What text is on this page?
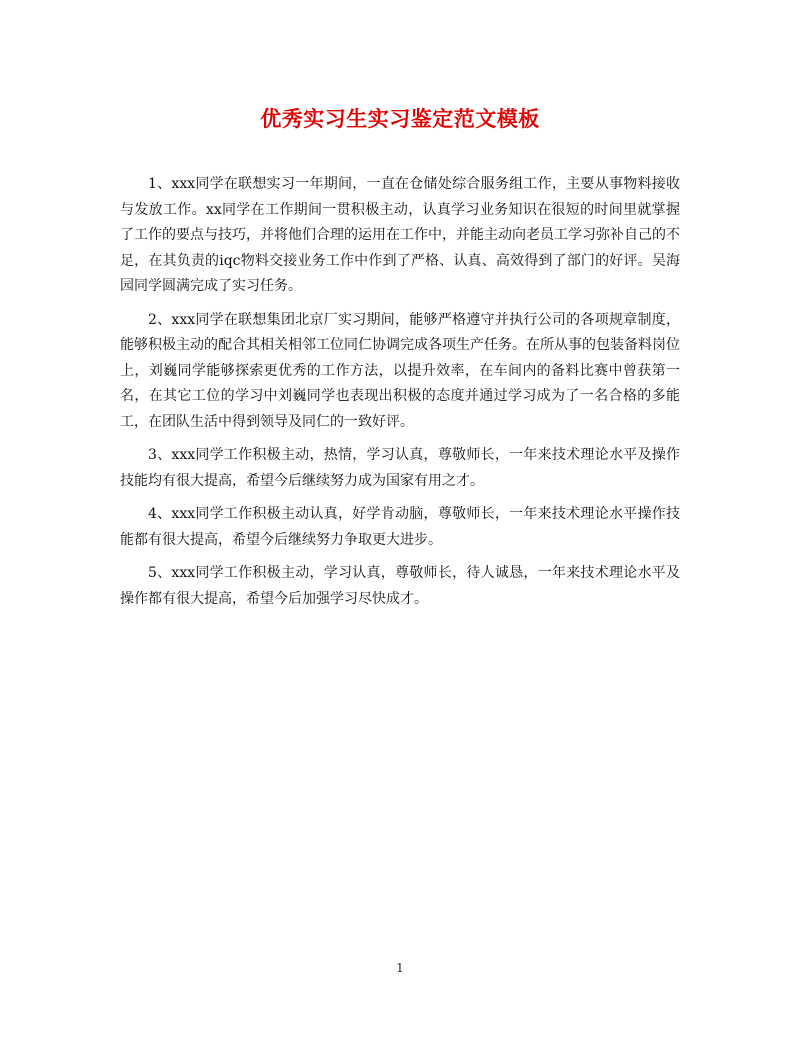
优秀实习生实习鉴定范文模板

1、xxx同学在联想实习一年期间，一直在仓储处综合服务组工作，主要从事物料接收与发放工作。xx同学在工作期间一贯积极主动，认真学习业务知识在很短的时间里就掌握　了工作的要点与技巧，并将他们合理的运用在工作中，并能主动向老员工学习弥补自己的不足，在其负责的iqc物料交接业务工作中作到了严格、认真、高效得到了部门的好评。吴海园同学圆满完成了实习任务。

2、xxx同学在联想集团北京厂实习期间，能够严格遵守并执行公司的各项规章制度，能够积极主动的配合其相关相邻工位同仁协调完成各项生产任务。在所从事的包装备料岗位上，刘巍同学能够探索更优秀的工作方法，以提升效率，在车间内的备料比赛中曾获第一名，在其它工位的学习中刘巍同学也表现出积极的态度并通过学习成为了一名合格的多能工，在团队生活中得到领导及同仁的一致好评。

3、xxx同学工作积极主动，热情，学习认真，尊敬师长，一年来技术理论水平及操作技能均有很大提高，希望今后继续努力成为国家有用之才。

4、xxx同学工作积极主动认真，好学肯动脑，尊敬师长，一年来技术理论水平操作技能都有很大提高，希望今后继续努力争取更大进步。

5、xxx同学工作积极主动，学习认真，尊敬师长，待人诚恳，一年来技术理论水平及操作都有很大提高，希望今后加强学习尽快成才。

1
